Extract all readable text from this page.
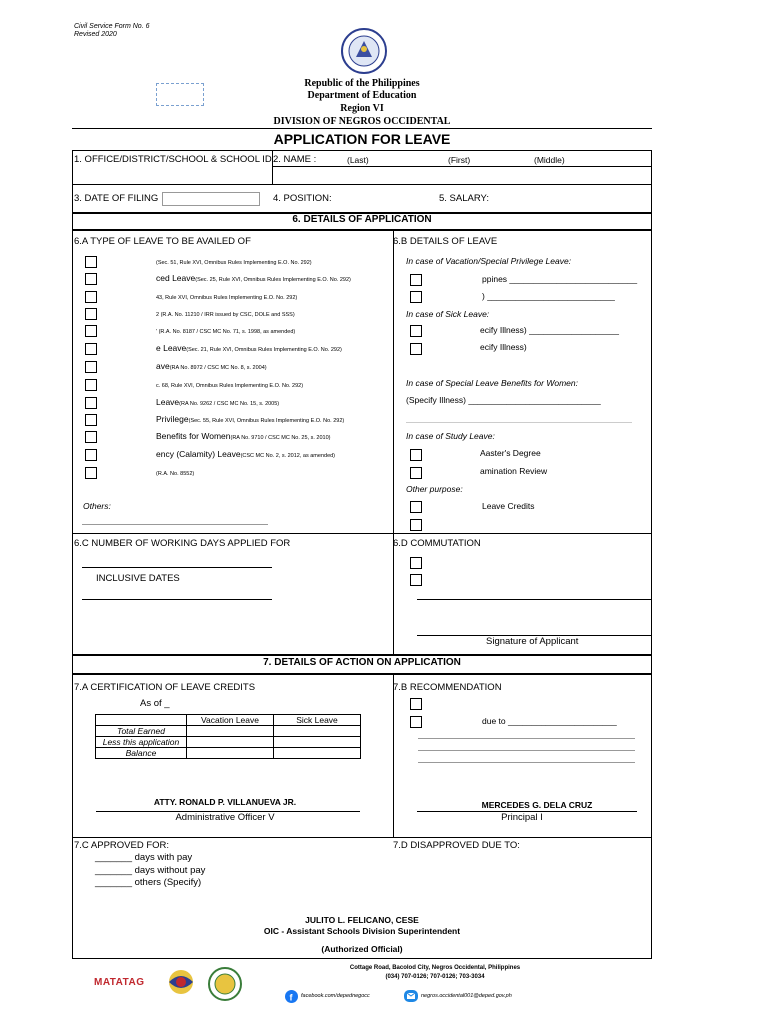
Civil Service Form No. 6
Revised 2020
Republic of the Philippines
Department of Education
Region VI
DIVISION OF NEGROS OCCIDENTAL
APPLICATION FOR LEAVE
1. OFFICE/DISTRICT/SCHOOL & SCHOOL ID 2. NAME :	(Last)	(First)	(Middle)
3. DATE OF FILING	4. POSITION:	5. SALARY:
6. DETAILS OF APPLICATION
6.A TYPE OF LEAVE TO BE AVAILED OF
(Sec. 51, Rule XVI, Omnibus Rules Implementing E.O. No. 292)
ced Leave(Sec. 25, Rule XVI, Omnibus Rules Implementing E.O. No. 292)
43, Rule XVI, Omnibus Rules Implementing E.O. No. 292)
2 (R.A. No. 11210 / IRR issued by CSC, DOLE and SSS)
' (R.A. No. 8187 / CSC MC No. 71, s. 1998, as amended)
e Leave(Sec. 21, Rule XVI, Omnibus Rules Implementing E.O. No. 292)
ave(RA No. 8972 / CSC MC No. 8, s. 2004)
c. 68, Rule XVI, Omnibus Rules Implementing E.O. No. 292)
Leave(RA No. 9262 / CSC MC No. 15, s. 2005)
Privilege(Sec. 55, Rule XVI, Omnibus Rules Implementing E.O. No. 292)
Benefits for Women(RA No. 9710 / CSC MC No. 25, s. 2010)
ency (Calamity) Leave(CSC MC No. 2, s. 2012, as amended)
(R.A. No. 8552)
Others:
6.B DETAILS OF LEAVE
In case of Vacation/Special Privilege Leave:
ppines ___________________________
) ___________________________
In case of Sick Leave:
ecify Illness) ___________________
ecify Illness)
In case of Special Leave Benefits for Women:
(Specify Illness) ____________________________
In case of Study Leave:
Aaster's Degree
amination Review
Other purpose:
Leave Credits
6.C NUMBER OF WORKING DAYS APPLIED FOR
INCLUSIVE DATES
6.D COMMUTATION
Signature of Applicant
7. DETAILS OF ACTION ON APPLICATION
7.A CERTIFICATION OF LEAVE CREDITS
As of _
	Vacation Leave	Sick Leave
Total Earned		
Less this application		
Balance		
ATTY. RONALD P. VILLANUEVA JR.
Administrative Officer V
7.B RECOMMENDATION
due to _______________________
MERCEDES G. DELA CRUZ
Principal I
7.C APPROVED FOR:
_______ days with pay
_______ days without pay
_______ others (Specify)
7.D DISAPPROVED DUE TO:
JULITO L. FELICANO, CESE
OIC - Assistant Schools Division Superintendent
(Authorized Official)
MATATAG
Cottage Road, Bacolod City, Negros Occidental, Philippines
(034) 707-0126; 707-0126; 703-3034
f facebook.com/depednegocc	negros.occidental001@deped.gov.ph
